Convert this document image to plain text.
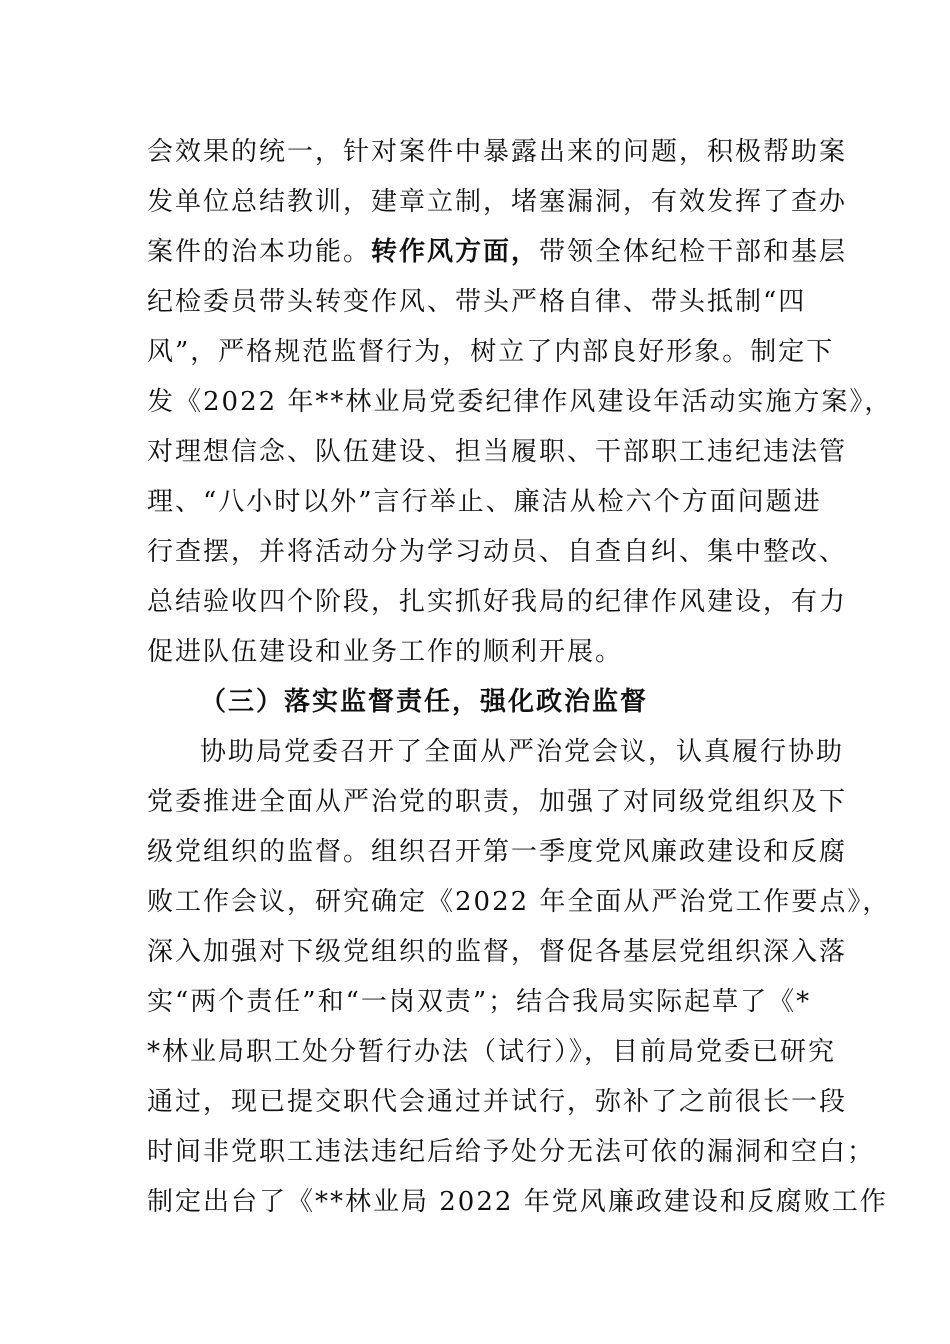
会效果的统一，针对案件中暴露出来的问题，积极帮助案
发单位总结教训，建章立制，堵塞漏洞，有效发挥了查办
案件的治本功能。转作风方面，带领全体纪检干部和基层
纪检委员带头转变作风、带头严格自律、带头抵制“四
风”，严格规范监督行为，树立了内部良好形象。制定下
发《2022 年**林业局党委纪律作风建设年活动实施方案》，
对理想信念、队伍建设、担当履职、干部职工违纪违法管
理、“八小时以外”言行举止、廉洁从检六个方面问题进
行查摆，并将活动分为学习动员、自查自纠、集中整改、
总结验收四个阶段，扎实抓好我局的纪律作风建设，有力
促进队伍建设和业务工作的顺利开展。
（三）落实监督责任，强化政治监督
协助局党委召开了全面从严治党会议，认真履行协助
党委推进全面从严治党的职责，加强了对同级党组织及下
级党组织的监督。组织召开第一季度党风廉政建设和反腐
败工作会议，研究确定《2022 年全面从严治党工作要点》，
深入加强对下级党组织的监督，督促各基层党组织深入落
实“两个责任”和“一岗双责”；结合我局实际起草了《*
*林业局职工处分暂行办法（试行）》，目前局党委已研究
通过，现已提交职代会通过并试行，弥补了之前很长一段
时间非党职工违法违纪后给予处分无法可依的漏洞和空白；
制定出台了《**林业局 2022 年党风廉政建设和反腐败工作
